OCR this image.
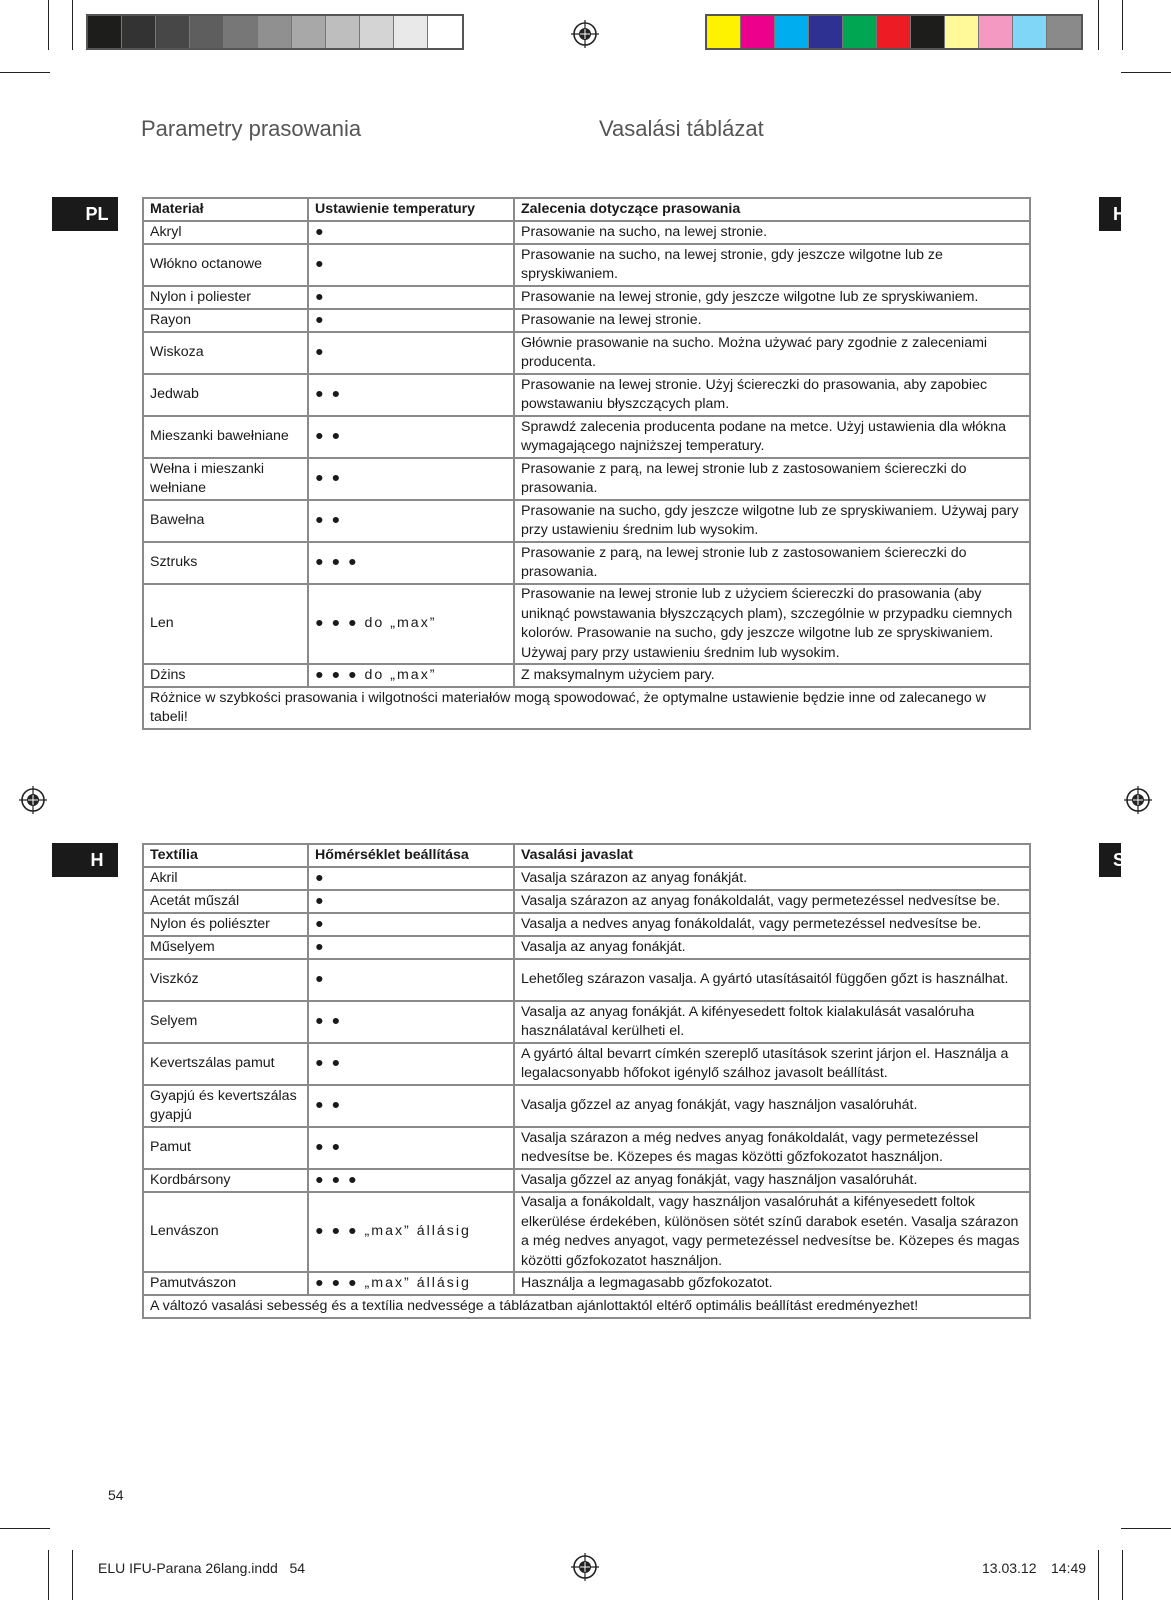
Parametry prasowania	Vasalási táblázat
PL	H
H	S
Materiał	Ustawienie temperatury	Zalecenia dotyczące prasowania
Akryl	●	Prasowanie na sucho, na lewej stronie.
Włókno octanowe	●	Prasowanie na sucho, na lewej stronie, gdy jeszcze wilgotne lub ze spryskiwaniem.
Nylon i poliester	●	Prasowanie na lewej stronie, gdy jeszcze wilgotne lub ze spryskiwaniem.
Rayon	●	Prasowanie na lewej stronie.
Wiskoza	●	Głównie prasowanie na sucho. Można używać pary zgodnie z zaleceniami producenta.
Jedwab	● ●	Prasowanie na lewej stronie. Użyj ściereczki do prasowania, aby zapobiec powstawaniu błyszczących plam.
Mieszanki bawełniane	● ●	Sprawdź zalecenia producenta podane na metce. Użyj ustawienia dla włókna wymagającego najniższej temperatury.
Wełna i mieszanki wełniane	● ●	Prasowanie z parą, na lewej stronie lub z zastosowaniem ściereczki do prasowania.
Bawełna	● ●	Prasowanie na sucho, gdy jeszcze wilgotne lub ze spryskiwaniem. Używaj pary przy ustawieniu średnim lub wysokim.
Sztruks	● ● ●	Prasowanie z parą, na lewej stronie lub z zastosowaniem ściereczki do prasowania.
Len	● ● ● do „max”	Prasowanie na lewej stronie lub z użyciem ściereczki do prasowania (aby uniknąć powstawania błyszczących plam), szczególnie w przypadku ciemnych kolorów. Prasowanie na sucho, gdy jeszcze wilgotne lub ze spryskiwaniem. Używaj pary przy ustawieniu średnim lub wysokim.
Dżins	● ● ● do „max”	Z maksymalnym użyciem pary.
Różnice w szybkości prasowania i wilgotności materiałów mogą spowodować, że optymalne ustawienie będzie inne od zalecanego w tabeli!		
Textília	Hőmérséklet beállítása	Vasalási javaslat
Akril	●	Vasalja szárazon az anyag fonákját.
Acetát műszál	●	Vasalja szárazon az anyag fonákoldalát, vagy permetezéssel nedvesítse be.
Nylon és poliészter	●	Vasalja a nedves anyag fonákoldalát, vagy permetezéssel nedvesítse be.
Műselyem	●	Vasalja az anyag fonákját.
Viszkóz	●	Lehetőleg szárazon vasalja. A gyártó utasításaitól függően gőzt is használhat.
Selyem	● ●	Vasalja az anyag fonákját. A kifényesedett foltok kialakulását vasalóruha használatával kerülheti el.
Kevertszálas pamut	● ●	A gyártó által bevarrt címkén szereplő utasítások szerint járjon el. Használja a legalacsonyabb hőfokot igénylő szálhoz javasolt beállítást.
Gyapjú és kevertszálas gyapjú	● ●	Vasalja gőzzel az anyag fonákját, vagy használjon vasalóruhát.
Pamut	● ●	Vasalja szárazon a még nedves anyag fonákoldalát, vagy permetezéssel nedvesítse be. Közepes és magas közötti gőzfokozatot használjon.
Kordbársony	● ● ●	Vasalja gőzzel az anyag fonákját, vagy használjon vasalóruhát.
Lenvászon	● ● ● „max” állásig	Vasalja a fonákoldalt, vagy használjon vasalóruhát a kifényesedett foltok elkerülése érdekében, különösen sötét színű darabok esetén. Vasalja szárazon a még nedves anyagot, vagy permetezéssel nedvesítse be. Közepes és magas közötti gőzfokozatot használjon.
Pamutvászon	● ● ● „max” állásig	Használja a legmagasabb gőzfokozatot.
A változó vasalási sebesség és a textília nedvessége a táblázatban ajánlottaktól eltérő optimális beállítást eredményezhet!		
54
ELU IFU-Parana 26lang.indd   54	13.03.12 14:49
